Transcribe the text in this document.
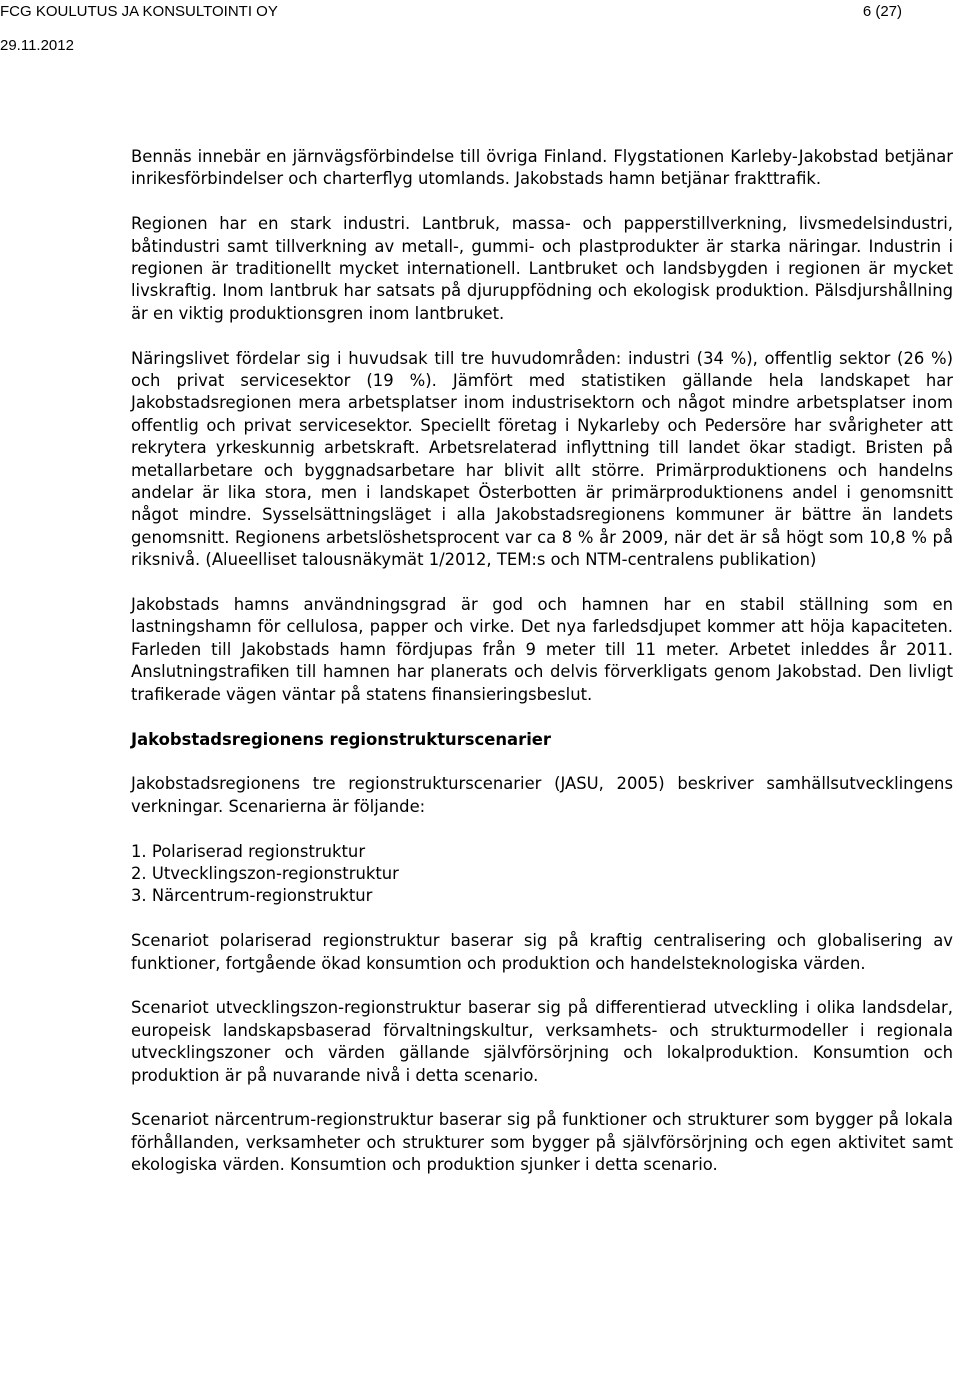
FCG KOULUTUS JA KONSULTOINTI OY	6 (27)
29.11.2012

Bennäs innebär en järnvägsförbindelse till övriga Finland. Flygstationen Karleby-Jakobstad betjänar inrikesförbindelser och charterflyg utomlands. Jakobstads hamn betjänar frakttrafik.

Regionen har en stark industri. Lantbruk, massa- och papperstillverkning, livsmedelsindustri, båtindustri samt tillverkning av metall-, gummi- och plastprodukter är starka näringar. Industrin i regionen är traditionellt mycket internationell. Lantbruket och landsbygden i regionen är mycket livskraftig. Inom lantbruk har satsats på djuruppfödning och ekologisk produktion. Pälsdjurshållning är en viktig produktionsgren inom lantbruket.

Näringslivet fördelar sig i huvudsak till tre huvudområden: industri (34 %), offentlig sektor (26 %) och privat servicesektor (19 %). Jämfört med statistiken gällande hela landskapet har Jakobstadsregionen mera arbetsplatser inom industrisektorn och något mindre arbetsplatser inom offentlig och privat servicesektor. Speciellt företag i Nykarleby och Pedersöre har svårigheter att rekrytera yrkeskunnig arbetskraft. Arbetsrelaterad inflyttning till landet ökar stadigt. Bristen på metallarbetare och byggnadsarbetare har blivit allt större. Primärproduktionens och handelns andelar är lika stora, men i landskapet Österbotten är primärproduktionens andel i genomsnitt något mindre. Sysselsättningsläget i alla Jakobstadsregionens kommuner är bättre än landets genomsnitt. Regionens arbetslöshetsprocent var ca 8 % år 2009, när det är så högt som 10,8 % på riksnivå. (Alueelliset talousnäkymät 1/2012, TEM:s och NTM-centralens publikation)

Jakobstads hamns användningsgrad är god och hamnen har en stabil ställning som en lastningshamn för cellulosa, papper och virke. Det nya farledsdjupet kommer att höja kapaciteten. Farleden till Jakobstads hamn fördjupas från 9 meter till 11 meter. Arbetet inleddes år 2011. Anslutningstrafiken till hamnen har planerats och delvis förverkligats genom Jakobstad. Den livligt trafikerade vägen väntar på statens finansieringsbeslut.

Jakobstadsregionens regionstrukturscenarier

Jakobstadsregionens tre regionstrukturscenarier (JASU, 2005) beskriver samhällsutvecklingens verkningar. Scenarierna är följande:

1. Polariserad regionstruktur
2. Utvecklingszon-regionstruktur
3. Närcentrum-regionstruktur

Scenariot polariserad regionstruktur baserar sig på kraftig centralisering och globalisering av funktioner, fortgående ökad konsumtion och produktion och handelsteknologiska värden.

Scenariot utvecklingszon-regionstruktur baserar sig på differentierad utveckling i olika landsdelar, europeisk landskapsbaserad förvaltningskultur, verksamhets- och strukturmodeller i regionala utvecklingszoner och värden gällande självförsörjning och lokalproduktion. Konsumtion och produktion är på nuvarande nivå i detta scenario.

Scenariot närcentrum-regionstruktur baserar sig på funktioner och strukturer som bygger på lokala förhållanden, verksamheter och strukturer som bygger på självförsörjning och egen aktivitet samt ekologiska värden. Konsumtion och produktion sjunker i detta scenario.
